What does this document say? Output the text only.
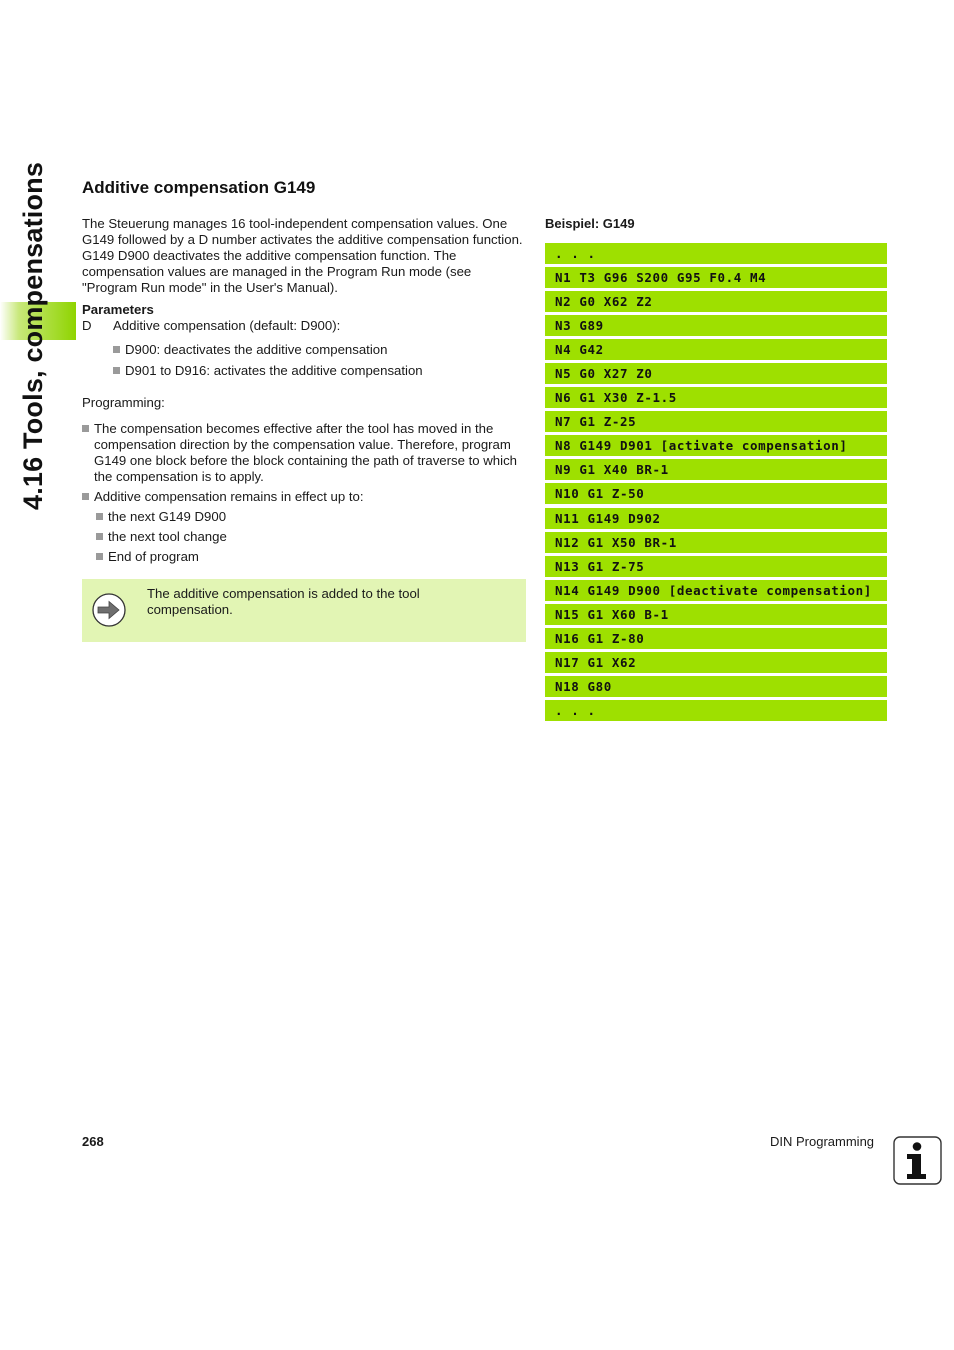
4.16 Tools, compensations Additive compensation G149

The Steuerung manages 16 tool-independent compensation values. One G149 followed by a D number activates the additive compensation function. G149 D900 deactivates the additive compensation function. The compensation values are managed in the Program Run mode (see "Program Run mode" in the User's Manual).

Parameters

D	Additive compensation (default: D900):

D900: deactivates the additive compensation

D901 to D916: activates the additive compensation

Programming:

The compensation becomes effective after the tool has moved in the compensation direction by the compensation value. Therefore, program G149 one block before the block containing the path of traverse to which the compensation is to apply.
Additive compensation remains in effect up to:

the next G149 D900

the next tool change

End of program

The additive compensation is added to the tool compensation.

Beispiel: G149

. . .
N1 T3 G96 S200 G95 F0.4 M4
N2 G0 X62 Z2
N3 G89
N4 G42
N5 G0 X27 Z0
N6 G1 X30 Z-1.5
N7 G1 Z-25
N8 G149 D901 [activate compensation]
N9 G1 X40 BR-1
N10 G1 Z-50
N11 G149 D902
N12 G1 X50 BR-1
N13 G1 Z-75
N14 G149 D900 [deactivate compensation]
N15 G1 X60 B-1
N16 G1 Z-80
N17 G1 X62
N18 G80
. . .
268	DIN Programming
